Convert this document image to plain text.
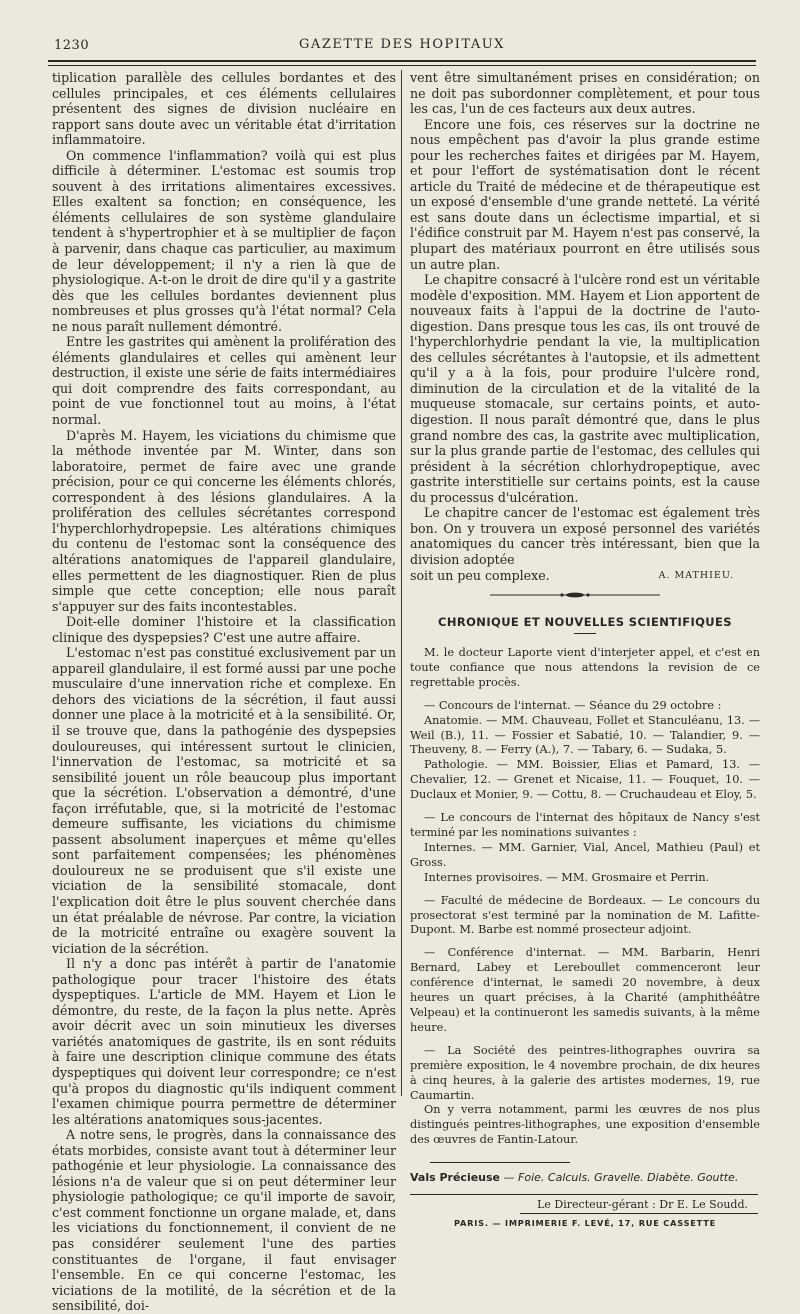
1230	GAZETTE DES HOPITAUX

tiplication parallèle des cellules bordantes et des cellules principales, et ces éléments cellulaires présentent des signes de division nucléaire en rapport sans doute avec un véritable état d'irritation inflammatoire.

On commence l'inflammation? voilà qui est plus difficile à déterminer. L'estomac est soumis trop souvent à des irritations alimentaires excessives. Elles exaltent sa fonction; en conséquence, les éléments cellulaires de son système glandulaire tendent à s'hypertrophier et à se multiplier de façon à parvenir, dans chaque cas particulier, au maximum de leur développement; il n'y a rien là que de physiologique. A-t-on le droit de dire qu'il y a gastrite dès que les cellules bordantes deviennent plus nombreuses et plus grosses qu'à l'état normal? Cela ne nous paraît nullement démontré.

Entre les gastrites qui amènent la prolifération des éléments glandulaires et celles qui amènent leur destruction, il existe une série de faits intermédiaires qui doit comprendre des faits correspondant, au point de vue fonctionnel tout au moins, à l'état normal.

D'après M. Hayem, les viciations du chimisme que la méthode inventée par M. Winter, dans son laboratoire, permet de faire avec une grande précision, pour ce qui concerne les éléments chlorés, correspondent à des lésions glandulaires. A la prolifération des cellules sécrétantes correspond l'hyperchlorhydropepsie. Les altérations chimiques du contenu de l'estomac sont la conséquence des altérations anatomiques de l'appareil glandulaire, elles permettent de les diagnostiquer. Rien de plus simple que cette conception; elle nous paraît s'appuyer sur des faits incontestables.

Doit-elle dominer l'histoire et la classification clinique des dyspepsies? C'est une autre affaire.

L'estomac n'est pas constitué exclusivement par un appareil glandulaire, il est formé aussi par une poche musculaire d'une innervation riche et complexe. En dehors des viciations de la sécrétion, il faut aussi donner une place à la motricité et à la sensibilité. Or, il se trouve que, dans la pathogénie des dyspepsies douloureuses, qui intéressent surtout le clinicien, l'innervation de l'estomac, sa motricité et sa sensibilité jouent un rôle beaucoup plus important que la sécrétion. L'observation a démontré, d'une façon irréfutable, que, si la motricité de l'estomac demeure suffisante, les viciations du chimisme passent absolument inaperçues et même qu'elles sont parfaitement compensées; les phénomènes douloureux ne se produisent que s'il existe une viciation de la sensibilité stomacale, dont l'explication doit être le plus souvent cherchée dans un état préalable de névrose. Par contre, la viciation de la motricité entraîne ou exagère souvent la viciation de la sécrétion.

Il n'y a donc pas intérêt à partir de l'anatomie pathologique pour tracer l'histoire des états dyspeptiques. L'article de MM. Hayem et Lion le démontre, du reste, de la façon la plus nette. Après avoir décrit avec un soin minutieux les diverses variétés anatomiques de gastrite, ils en sont réduits à faire une description clinique commune des états dyspeptiques qui doivent leur correspondre; ce n'est qu'à propos du diagnostic qu'ils indiquent comment l'examen chimique pourra permettre de déterminer les altérations anatomiques sous-jacentes.

A notre sens, le progrès, dans la connaissance des états morbides, consiste avant tout à déterminer leur pathogénie et leur physiologie. La connaissance des lésions n'a de valeur que si on peut déterminer leur physiologie pathologique; ce qu'il importe de savoir, c'est comment fonctionne un organe malade, et, dans les viciations du fonctionnement, il convient de ne pas considérer seulement l'une des parties constituantes de l'organe, il faut envisager l'ensemble. En ce qui concerne l'estomac, les viciations de la motilité, de la sécrétion et de la sensibilité, doi-

vent être simultanément prises en considération; on ne doit pas subordonner complètement, et pour tous les cas, l'un de ces facteurs aux deux autres.

Encore une fois, ces réserves sur la doctrine ne nous empêchent pas d'avoir la plus grande estime pour les recherches faites et dirigées par M. Hayem, et pour l'effort de systématisation dont le récent article du Traité de médecine et de thérapeutique est un exposé d'ensemble d'une grande netteté. La vérité est sans doute dans un éclectisme impartial, et si l'édifice construit par M. Hayem n'est pas conservé, la plupart des matériaux pourront en être utilisés sous un autre plan.

Le chapitre consacré à l'ulcère rond est un véritable modèle d'exposition. MM. Hayem et Lion apportent de nouveaux faits à l'appui de la doctrine de l'auto-digestion. Dans presque tous les cas, ils ont trouvé de l'hyperchlorhydrie pendant la vie, la multiplication des cellules sécrétantes à l'autopsie, et ils admettent qu'il y a à la fois, pour produire l'ulcère rond, diminution de la circulation et de la vitalité de la muqueuse stomacale, sur certains points, et auto-digestion. Il nous paraît démontré que, dans le plus grand nombre des cas, la gastrite avec multiplication, sur la plus grande partie de l'estomac, des cellules qui président à la sécrétion chlorhydropeptique, avec gastrite interstitielle sur certains points, est la cause du processus d'ulcération.

Le chapitre cancer de l'estomac est également très bon. On y trouvera un exposé personnel des variétés anatomiques du cancer très intéressant, bien que la division adoptée

soit un peu complexe.	A. MATHIEU.
CHRONIQUE ET NOUVELLES SCIENTIFIQUES

M. le docteur Laporte vient d'interjeter appel, et c'est en toute confiance que nous attendons la revision de ce regrettable procès.

— Concours de l'internat. — Séance du 29 octobre :

Anatomie. — MM. Chauveau, Follet et Stanculéanu, 13. — Weil (B.), 11. — Fossier et Sabatié, 10. — Talandier, 9. — Theuveny, 8. — Ferry (A.), 7. — Tabary, 6. — Sudaka, 5.

Pathologie. — MM. Boissier, Elias et Pamard, 13. — Chevalier, 12. — Grenet et Nicaise, 11. — Fouquet, 10. — Duclaux et Monier, 9. — Cottu, 8. — Cruchaudeau et Eloy, 5.

— Le concours de l'internat des hôpitaux de Nancy s'est terminé par les nominations suivantes :

Internes. — MM. Garnier, Vial, Ancel, Mathieu (Paul) et Gross.

Internes provisoires. — MM. Grosmaire et Perrin.

— Faculté de médecine de Bordeaux. — Le concours du prosectorat s'est terminé par la nomination de M. Lafitte-Dupont. M. Barbe est nommé prosecteur adjoint.

— Conférence d'internat. — MM. Barbarin, Henri Bernard, Labey et Lereboullet commenceront leur conférence d'internat, le samedi 20 novembre, à deux heures un quart précises, à la Charité (amphithéâtre Velpeau) et la continueront les samedis suivants, à la même heure.

— La Société des peintres-lithographes ouvrira sa première exposition, le 4 novembre prochain, de dix heures à cinq heures, à la galerie des artistes modernes, 19, rue Caumartin.

On y verra notamment, parmi les œuvres de nos plus distingués peintres-lithographes, une exposition d'ensemble des œuvres de Fantin-Latour.

Vals Précieuse — Foie. Calculs. Gravelle. Diabète. Goutte.
Le Directeur-gérant : Dr E. Le Soudd.
PARIS. — IMPRIMERIE F. LEVÉ, 17, RUE CASSETTE
